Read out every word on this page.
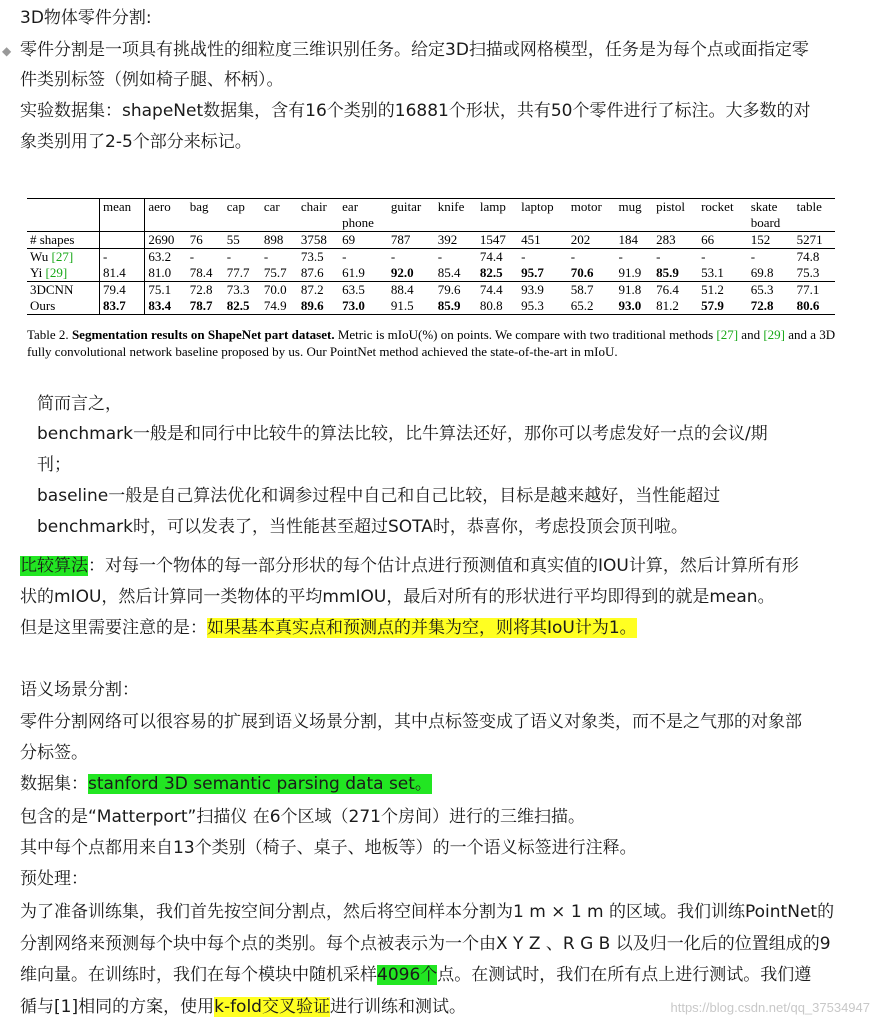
3D物体零件分割:
◆ 零件分割是一项具有挑战性的细粒度三维识别任务。给定3D扫描或网格模型，任务是为每个点或面指定零
件类别标签（例如椅子腿、杯柄）。
实验数据集：shapeNet数据集，含有16个类别的16881个形状，共有50个零件进行了标注。大多数的对
象类别用了2-5个部分来标记。
	mean	aero	bag	cap	car	chair	ear	guitar	knife	lamp	laptop	motor	mug	pistol	rocket	skate	table
							phone									board	
# shapes		2690	76	55	898	3758	69	787	392	1547	451	202	184	283	66	152	5271
Wu [27]	-	63.2	-	-	-	73.5	-	-	-	74.4	-	-	-	-	-	-	74.8
Yi [29]	81.4	81.0	78.4	77.7	75.7	87.6	61.9	92.0	85.4	82.5	95.7	70.6	91.9	85.9	53.1	69.8	75.3
3DCNN	79.4	75.1	72.8	73.3	70.0	87.2	63.5	88.4	79.6	74.4	93.9	58.7	91.8	76.4	51.2	65.3	77.1
Ours	83.7	83.4	78.7	82.5	74.9	89.6	73.0	91.5	85.9	80.8	95.3	65.2	93.0	81.2	57.9	72.8	80.6
Table 2. Segmentation results on ShapeNet part dataset. Metric is mIoU(%) on points. We compare with two traditional methods [27] and [29] and a 3D fully convolutional network baseline proposed by us. Our PointNet method achieved the state-of-the-art in mIoU.
简而言之，
benchmark一般是和同行中比较牛的算法比较，比牛算法还好，那你可以考虑发好一点的会议/期
刊；
baseline一般是自己算法优化和调参过程中自己和自己比较，目标是越来越好，当性能超过
benchmark时，可以发表了，当性能甚至超过SOTA时，恭喜你，考虑投顶会顶刊啦。
比较算法：对每一个物体的每一部分形状的每个估计点进行预测值和真实值的IOU计算，然后计算所有形
状的mIOU，然后计算同一类物体的平均mmIOU，最后对所有的形状进行平均即得到的就是mean。
但是这里需要注意的是：如果基本真实点和预测点的并集为空，则将其IoU计为1。
语义场景分割：
零件分割网络可以很容易的扩展到语义场景分割，其中点标签变成了语义对象类，而不是之气那的对象部
分标签。
数据集：stanford 3D semantic parsing data set。
包含的是“Matterport”扫描仪 在6个区域（271个房间）进行的三维扫描。
其中每个点都用来自13个类别（椅子、桌子、地板等）的一个语义标签进行注释。
预处理：
为了准备训练集，我们首先按空间分割点，然后将空间样本分割为1 m × 1 m 的区域。我们训练PointNet的
分割网络来预测每个块中每个点的类别。每个点被表示为一个由X Y Z 、R G B 以及归一化后的位置组成的9
维向量。在训练时，我们在每个模块中随机采样4096个点。在测试时，我们在所有点上进行测试。我们遵
循与[1]相同的方案，使用k-fold交叉验证进行训练和测试。	https://blog.csdn.net/qq_37534947
